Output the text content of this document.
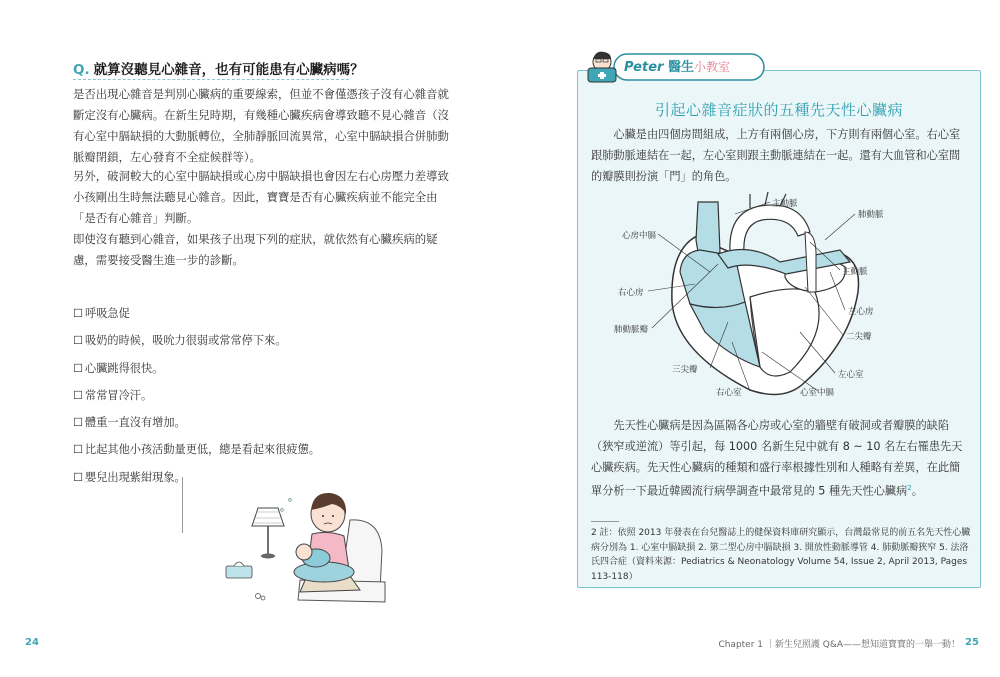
Q. 就算沒聽見心雜音，也有可能患有心臟病嗎？

是否出現心雜音是判別心臟病的重要線索，但並不會僅憑孩子沒有心雜音就斷定沒有心臟病。在新生兒時期，有幾種心臟疾病會導致聽不見心雜音（沒有心室中膈缺損的大動脈轉位，全肺靜脈回流異常，心室中膈缺損合併肺動脈瓣閉鎖，左心發育不全症候群等）。

另外，破洞較大的心室中膈缺損或心房中膈缺損也會因左右心房壓力差導致小孩剛出生時無法聽見心雜音。因此，寶寶是否有心臟疾病並不能完全由「是否有心雜音」判斷。

即使沒有聽到心雜音，如果孩子出現下列的症狀，就依然有心臟疾病的疑慮，需要接受醫生進一步的診斷。

☐ 呼吸急促
☐ 吸奶的時候，吸吮力很弱或常常停下來。
☐ 心臟跳得很快。
☐ 常常冒冷汗。
☐ 體重一直沒有增加。
☐ 比起其他小孩活動量更低，總是看起來很疲憊。
☐ 嬰兒出現紫紺現象。
24
Peter 醫生小教室
引起心雜音症狀的五種先天性心臟病

心臟是由四個房間組成，上方有兩個心房，下方則有兩個心室。右心室跟肺動脈連結在一起，左心室則跟主動脈連結在一起。還有大血管和心室間的瓣膜則扮演「門」的角色。

主動脈
肺動脈
心房中膈
主動脈
右心房
左心房
肺動脈瓣
二尖瓣
三尖瓣	左心室
右心室	心室中膈

先天性心臟病是因為區隔各心房或心室的牆壁有破洞或者瓣膜的缺陷（狹窄或逆流）等引起，每 1000 名新生兒中就有 8 ~ 10 名左右罹患先天心臟疾病。先天性心臟病的種類和盛行率根據性別和人種略有差異，在此簡單分析一下最近韓國流行病學調查中最常見的 5 種先天性心臟病$^2$。

2 註：依照 2013 年發表在台兒醫誌上的健保資料庫研究顯示，台灣最常見的前五名先天性心臟病分別為 1. 心室中膈缺損 2. 第二型心房中膈缺損 3. 開放性動脈導管 4. 肺動脈瓣狹窄 5. 法洛氏四合症（資料來源：Pediatrics & Neonatology Volume 54, Issue 2, April 2013, Pages 113-118）

Chapter 1 ｜新生兒照護 Q&A——想知道寶寶的一舉一動！ 25
